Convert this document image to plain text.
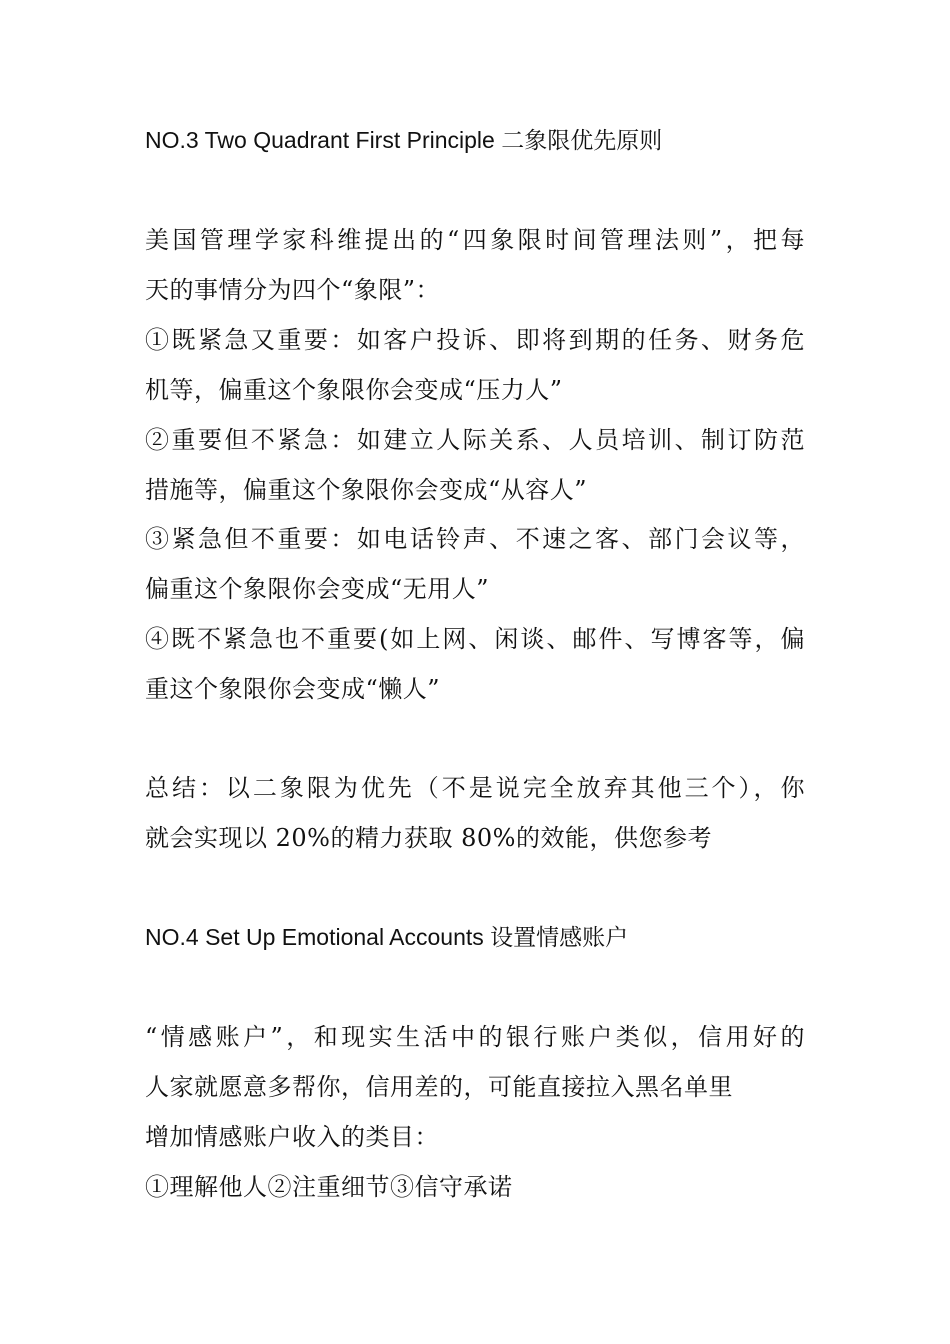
NO.3 Two Quadrant First Principle 二象限优先原则
美国管理学家科维提出的“四象限时间管理法则”，把每
天的事情分为四个“象限”：
①既紧急又重要：如客户投诉、即将到期的任务、财务危
机等，偏重这个象限你会变成“压力人”
②重要但不紧急：如建立人际关系、人员培训、制订防范
措施等，偏重这个象限你会变成“从容人”
③紧急但不重要：如电话铃声、不速之客、部门会议等，
偏重这个象限你会变成“无用人”
④既不紧急也不重要(如上网、闲谈、邮件、写博客等，偏
重这个象限你会变成“懒人”
总结：以二象限为优先（不是说完全放弃其他三个），你
就会实现以 20%的精力获取 80%的效能，供您参考
NO.4 Set Up Emotional Accounts 设置情感账户
“情感账户”，和现实生活中的银行账户类似，信用好的
人家就愿意多帮你，信用差的，可能直接拉入黑名单里
增加情感账户收入的类目：
①理解他人②注重细节③信守承诺
